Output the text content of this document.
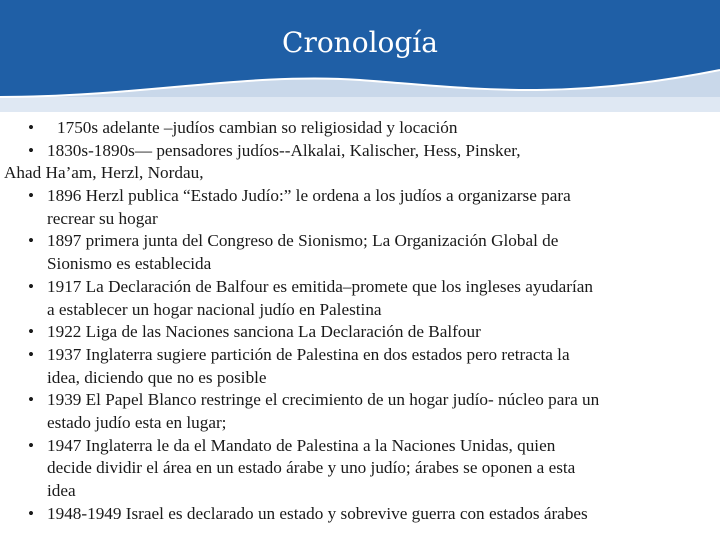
Cronología
• 1750s adelante –judíos cambian so religiosidad y locación
• 1830s-1890s— pensadores judíos--Alkalai, Kalischer, Hess, Pinsker,
Ahad Ha’am, Herzl, Nordau,
• 1896 Herzl publica “Estado Judío:” le ordena a los judíos a organizarse para
recrear su hogar
• 1897 primera junta del Congreso de Sionismo; La Organización Global de
Sionismo es establecida
• 1917 La Declaración de Balfour es emitida–promete que los ingleses ayudarían
a establecer un hogar nacional judío en Palestina
• 1922 Liga de las Naciones sanciona La Declaración de Balfour
• 1937 Inglaterra sugiere partición de Palestina en dos estados pero retracta la
idea, diciendo que no es posible
• 1939 El Papel Blanco restringe el crecimiento de un hogar judío- núcleo para un
estado judío esta en lugar;
• 1947 Inglaterra le da el Mandato de Palestina a la Naciones Unidas, quien
decide dividir el área en un estado árabe y uno judío; árabes se oponen a esta
idea
• 1948-1949 Israel es declarado un estado y sobrevive guerra con estados árabes
